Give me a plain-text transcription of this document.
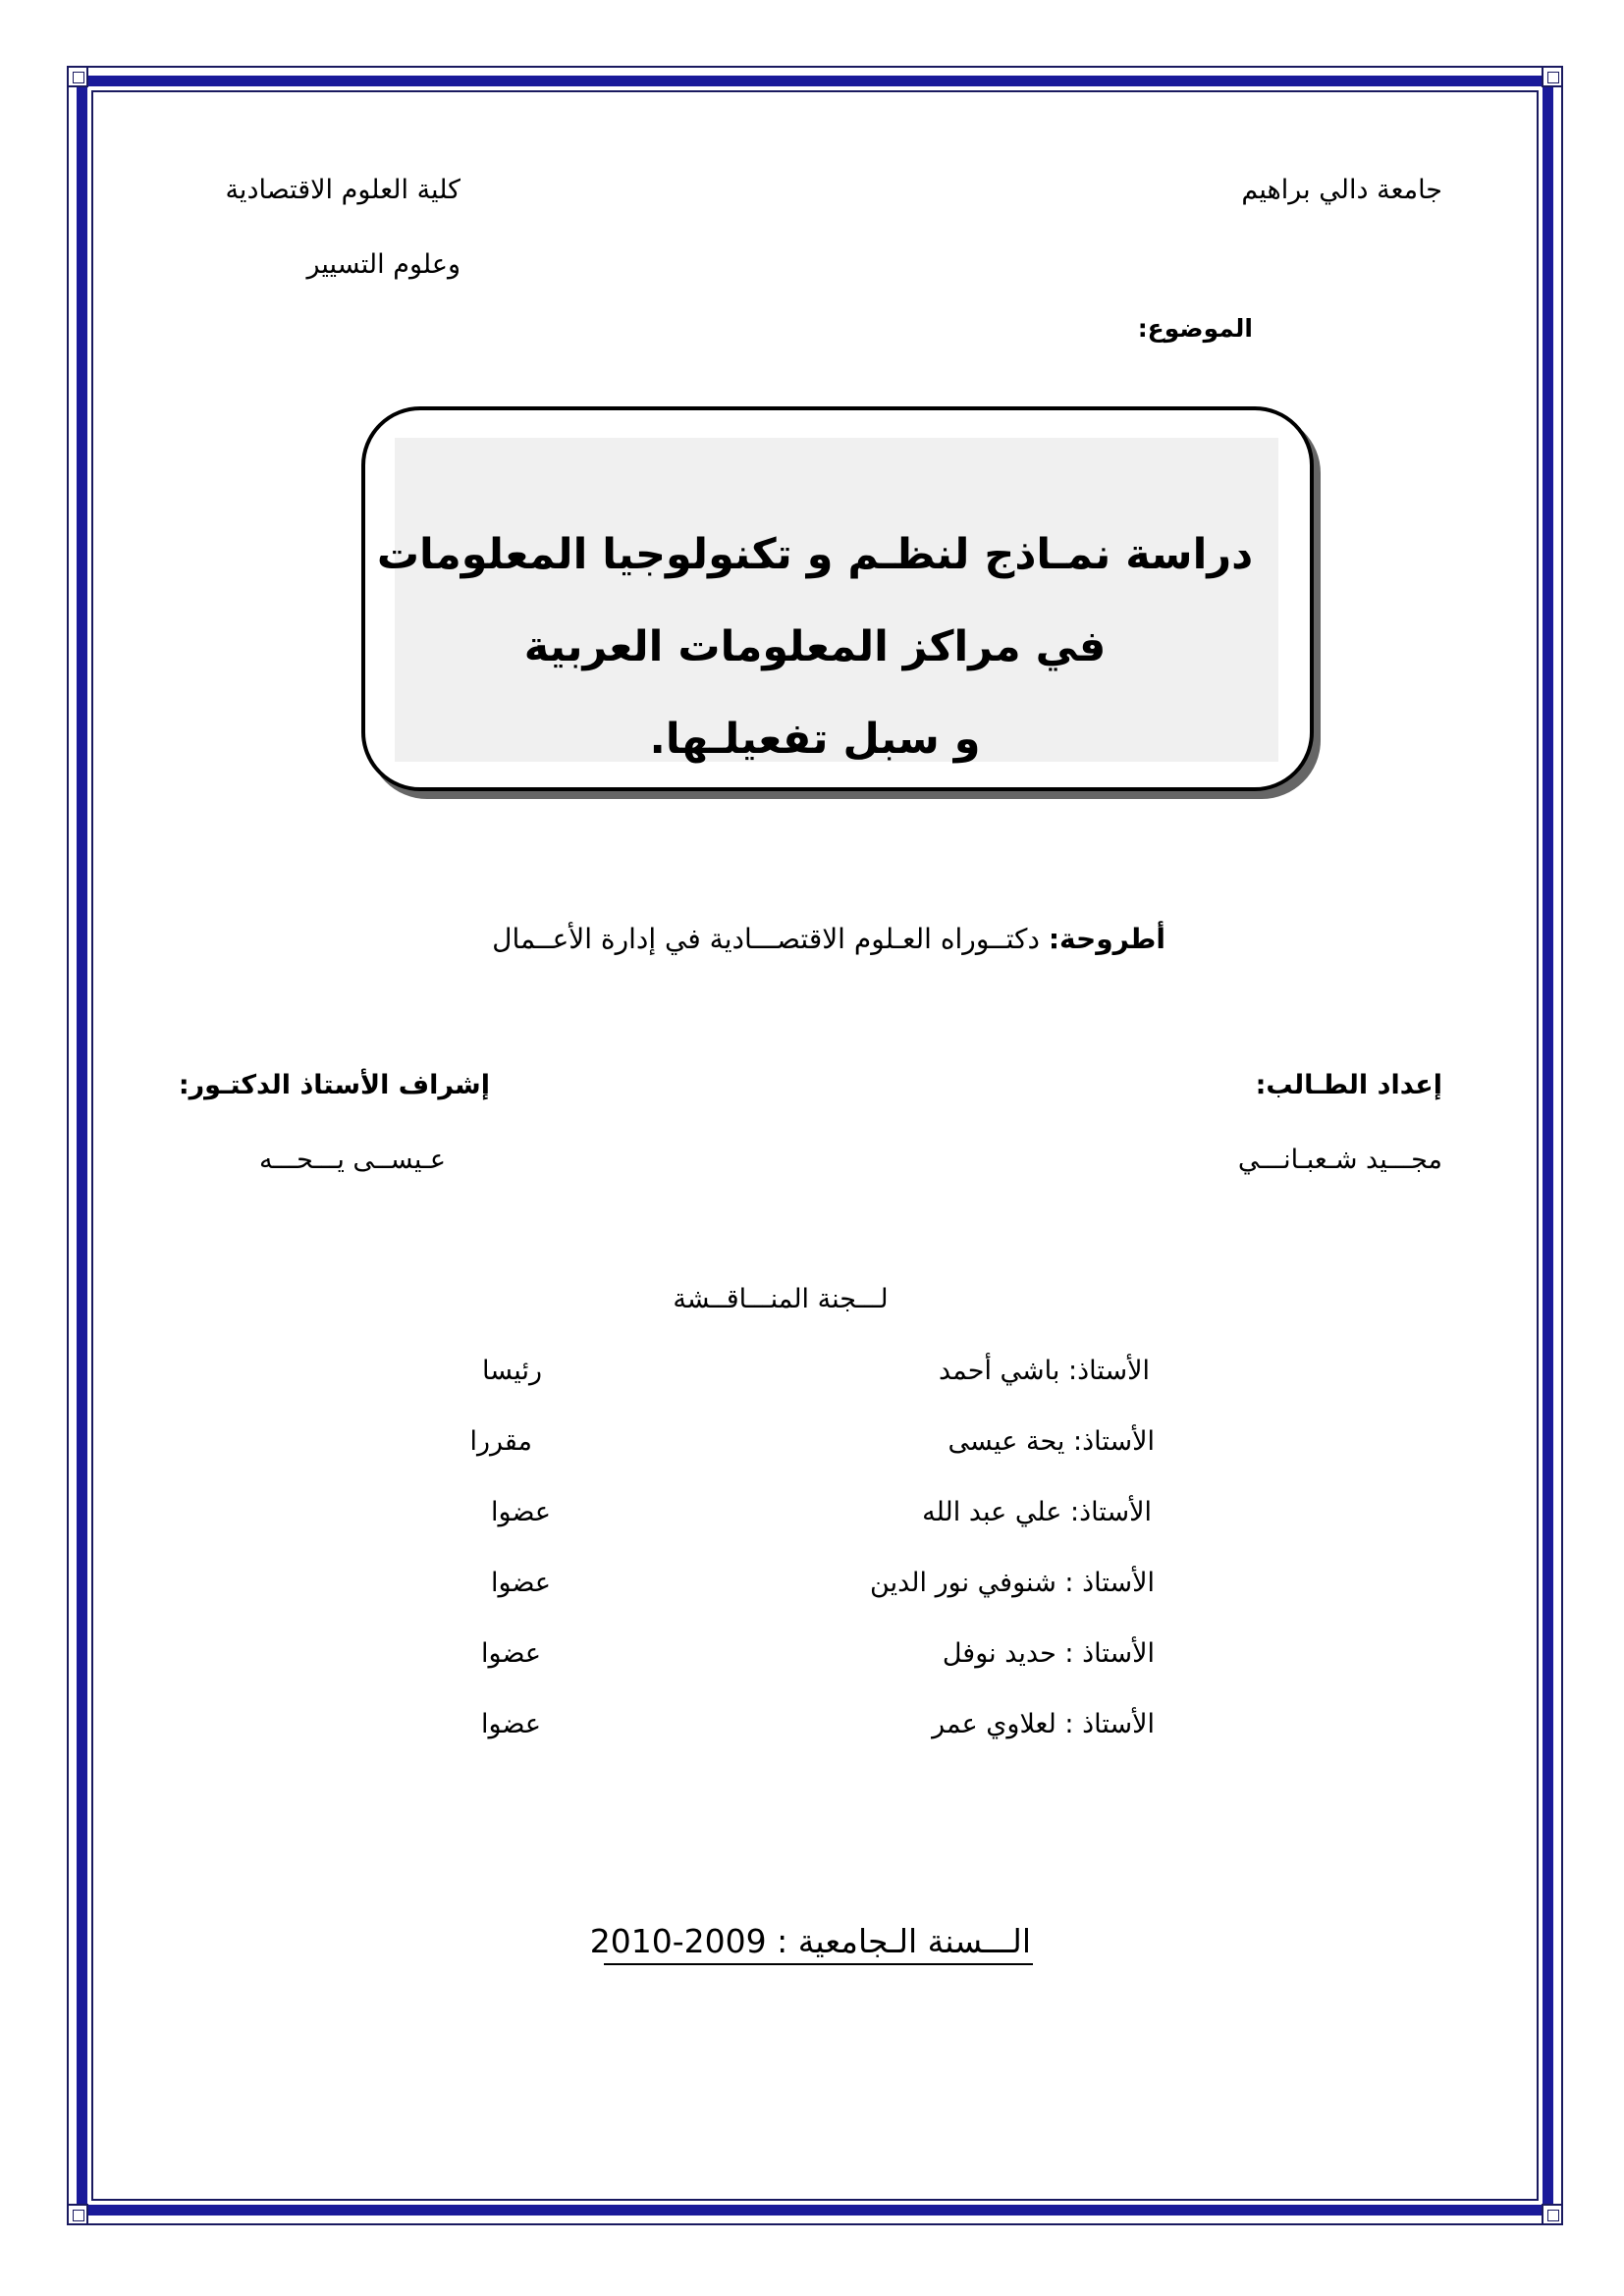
جامعة دالي براهيم
كلية العلوم الاقتصادية
وعلوم التسيير
الموضوع:
دراسة نمـاذج لنظـم و تكنولوجيا المعلومات
في مراكز المعلومات العربية
و سبل تفعيلـها.
أطروحة: دكتــوراه العـلوم الاقتصـــادية في إدارة الأعــمال
إعداد الطـالب:
مجـــيد شـعبـانـــي
إشراف الأستاذ الدكتـور:
عـيســى يـــحـــه
لـــجنة المنـــاقــشة
الأستاذ: باشي أحمد
رئيسا
الأستاذ: يحة عيسى
مقررا
الأستاذ: علي عبد الله
عضوا
الأستاذ : شنوفي نور الدين
عضوا
الأستاذ : حديد نوفل
عضوا
الأستاذ : لعلاوي عمر
عضوا
الـــسنة الـجامعية : 2009-2010
